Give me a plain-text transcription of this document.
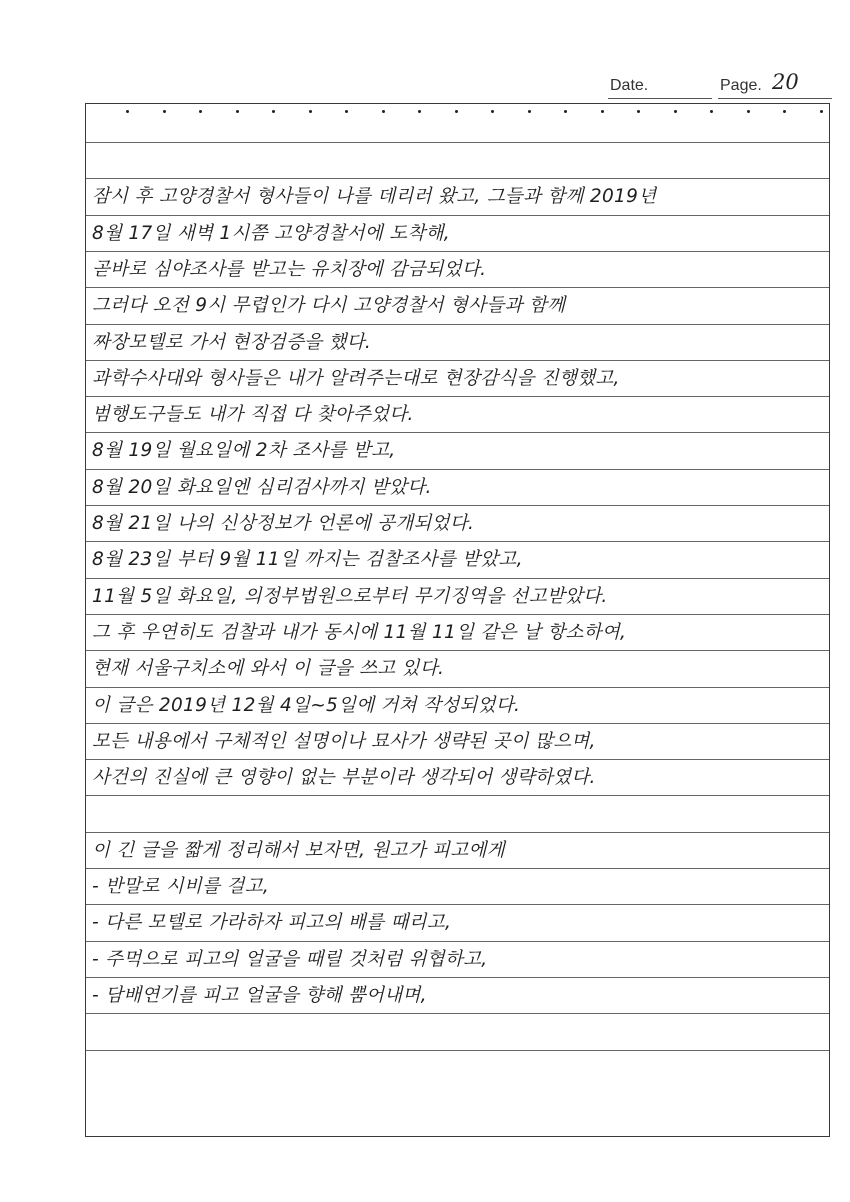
Date.	Page. 20
잠시 후 고양경찰서 형사들이 나를 데리러 왔고, 그들과 함께 2019년
8월 17일 새벽 1시쯤 고양경찰서에 도착해,
곧바로 심야조사를 받고는 유치장에 감금되었다.
그러다 오전 9시 무렵인가 다시 고양경찰서 형사들과 함께
짜장모텔로 가서 현장검증을 했다.
과학수사대와 형사들은 내가 알려주는대로 현장감식을 진행했고,
범행도구들도 내가 직접 다 찾아주었다.
8월 19일 월요일에 2차 조사를 받고,
8월 20일 화요일엔 심리검사까지 받았다.
8월 21일 나의 신상정보가 언론에 공개되었다.
8월 23일 부터 9월 11일 까지는 검찰조사를 받았고,
11월 5일 화요일, 의정부법원으로부터 무기징역을 선고받았다.
그 후 우연히도 검찰과 내가 동시에 11월 11일 같은 날 항소하여,
현재 서울구치소에 와서 이 글을 쓰고 있다.
이 글은 2019년 12월 4일~5일에 거쳐 작성되었다.
모든 내용에서 구체적인 설명이나 묘사가 생략된 곳이 많으며,
사건의 진실에 큰 영향이 없는 부분이라 생각되어 생략하였다.
이 긴 글을 짧게 정리해서 보자면, 원고가 피고에게
- 반말로 시비를 걸고,
- 다른 모텔로 가라하자 피고의 배를 때리고,
- 주먹으로 피고의 얼굴을 때릴 것처럼 위협하고,
- 담배연기를 피고 얼굴을 향해 뿜어내며,
